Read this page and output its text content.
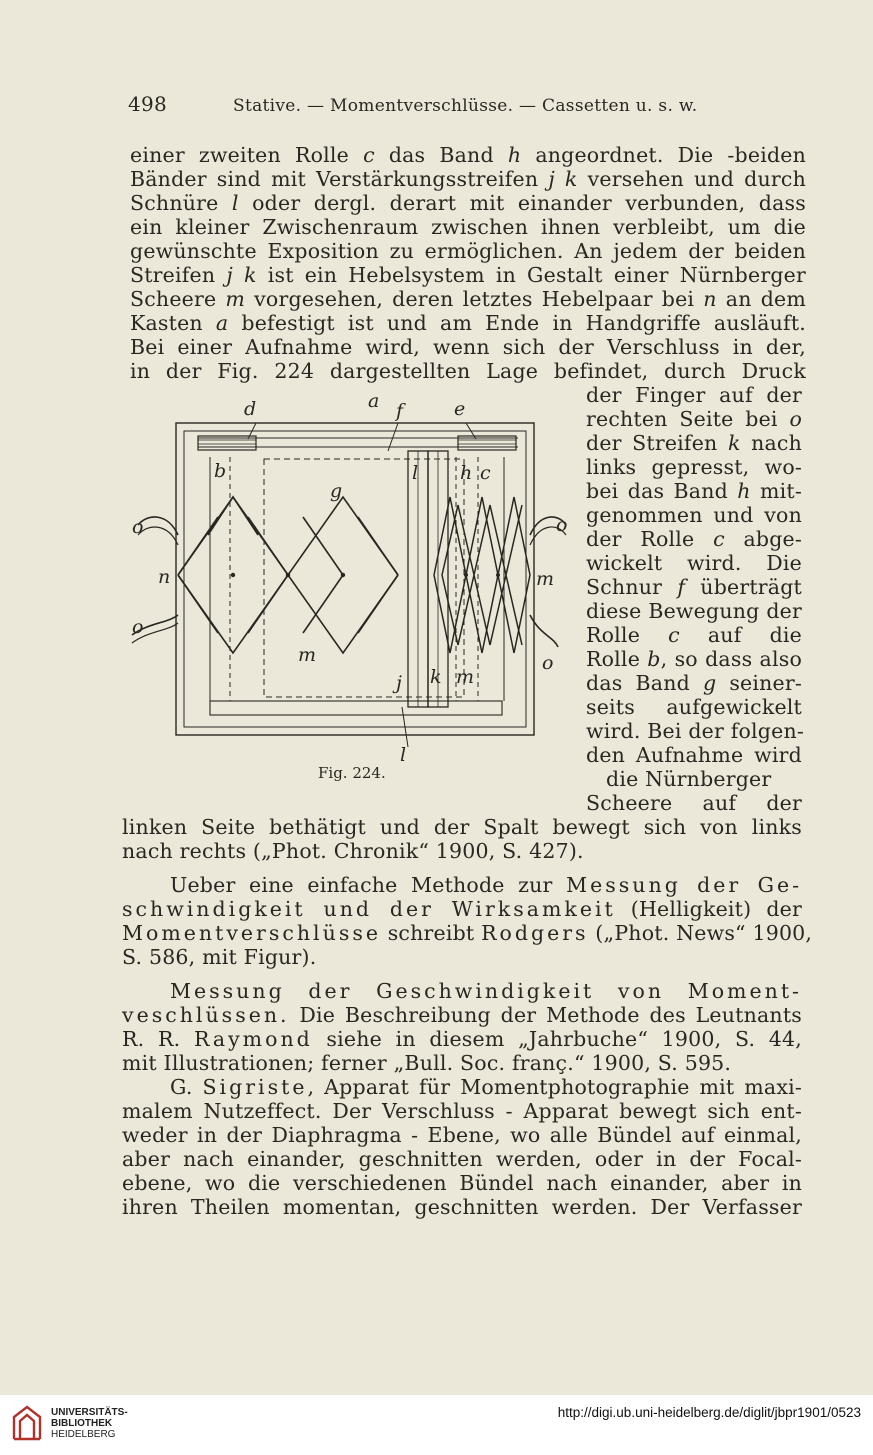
498	Stative. — Momentverschlüsse. — Cassetten u. s. w.
einer zweiten Rolle c das Band h angeordnet. Die -beiden
Bänder sind mit Verstärkungsstreifen j k versehen und durch
Schnüre l oder dergl. derart mit einander verbunden, dass
ein kleiner Zwischenraum zwischen ihnen verbleibt, um die
gewünschte Exposition zu ermöglichen. An jedem der beiden
Streifen j k ist ein Hebelsystem in Gestalt einer Nürnberger
Scheere m vorgesehen, deren letztes Hebelpaar bei n an dem
Kasten a befestigt ist und am Ende in Handgriffe ausläuft.
Bei einer Aufnahme wird, wenn sich der Verschluss in der,
in der Fig. 224 dargestellten Lage befindet, durch Druck
der Finger auf der
rechten Seite bei o
der Streifen k nach
links gepresst, wo-
bei das Band h mit-
genommen und von
der Rolle c abge-
wickelt wird. Die
Schnur f überträgt
diese Bewegung der
Rolle c auf die
Rolle b, so dass also
das Band g seiner-
seits aufgewickelt
wird. Bei der folgen-
den Aufnahme wird
die Nürnberger
Scheere auf der
linken Seite bethätigt und der Spalt bewegt sich von links
nach rechts („Phot. Chronik“ 1900, S. 427).
d	a f	e
b
g
l h c
o
n
o
m
o
m
o
j k m
l
Fig. 224.
Ueber eine einfache Methode zur Messung der Ge-
schwindigkeit und der Wirksamkeit (Helligkeit) der
Momentverschlüsse schreibt Rodgers („Phot. News“ 1900,
S. 586, mit Figur).
Messung der Geschwindigkeit von Moment-
veschlüssen. Die Beschreibung der Methode des Leutnants
R. R. Raymond siehe in diesem „Jahrbuche“ 1900, S. 44,
mit Illustrationen; ferner „Bull. Soc. franç.“ 1900, S. 595.
G. Sigriste, Apparat für Momentphotographie mit maxi-
malem Nutzeffect. Der Verschluss - Apparat bewegt sich ent-
weder in der Diaphragma - Ebene, wo alle Bündel auf einmal,
aber nach einander, geschnitten werden, oder in der Focal-
ebene, wo die verschiedenen Bündel nach einander, aber in
ihren Theilen momentan, geschnitten werden. Der Verfasser
UNIVERSITÄTS-
BIBLIOTHEK
HEIDELBERG
http://digi.ub.uni-heidelberg.de/diglit/jbpr1901/0523
